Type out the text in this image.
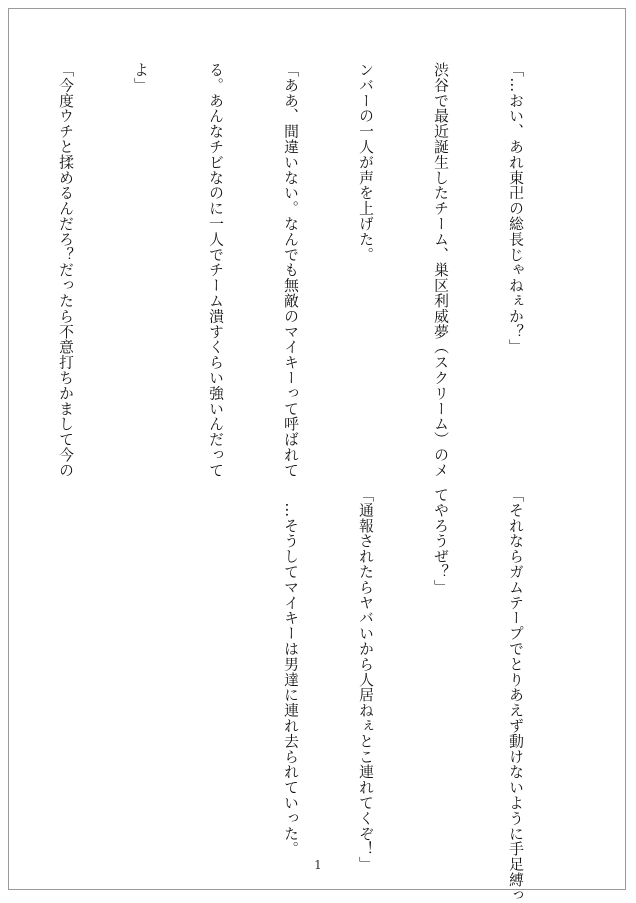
「…おい、あれ東卍の総長じゃねぇか？」

渋谷で最近誕生したチーム、巣区利威夢（スクリーム）のメ

ンバーの一人が声を上げた。

「ああ、間違いない。なんでも無敵のマイキーって呼ばれて

る。あんなチビなのに一人でチーム潰すくらい強いんだって

よ」

「今度ウチと揉めるんだろ？だったら不意打ちかまして今の

「それならガムテープでとりあえず動けないように手足縛っ

てやろうぜ？」

「通報されたらヤバいから人居ねぇとこ連れてくぞ！」

　…そうしてマイキーは男達に連れ去られていった。

1
